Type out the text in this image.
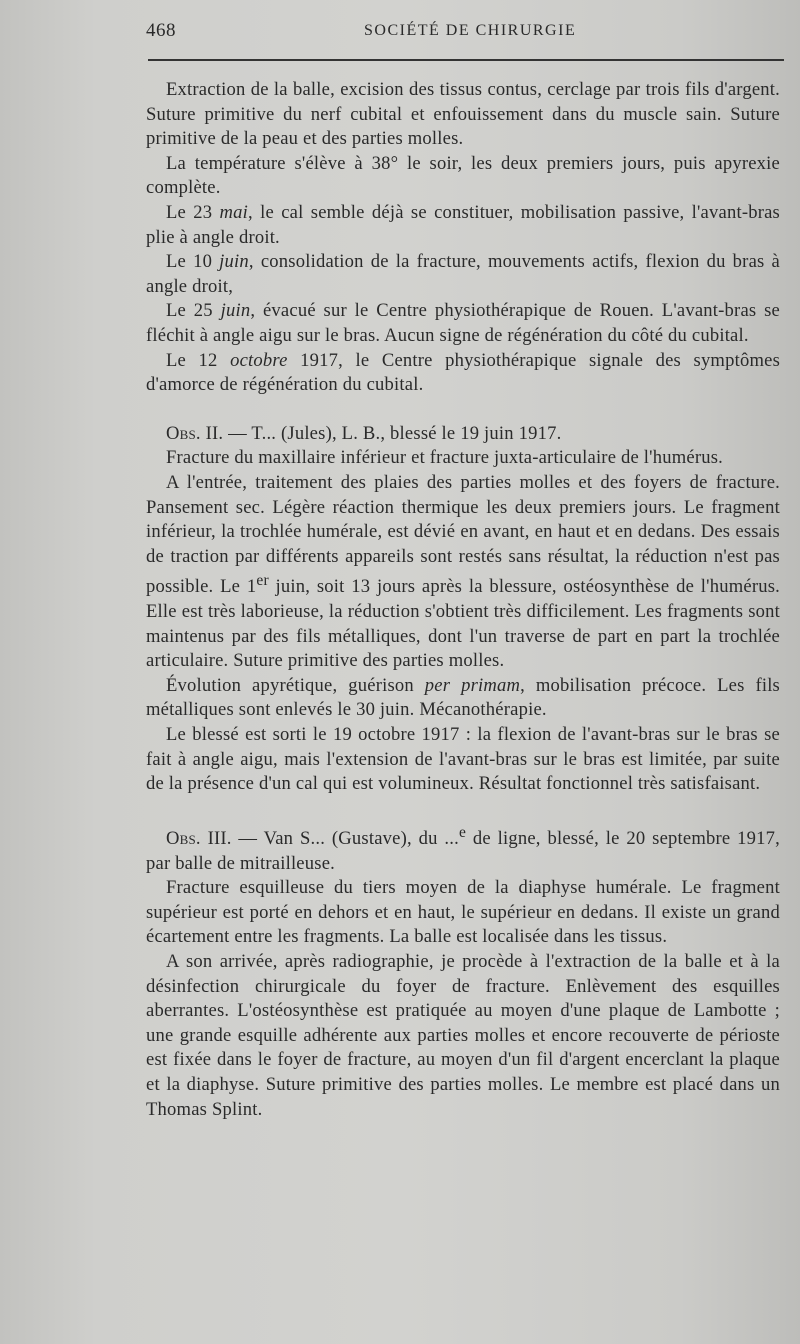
468	SOCIÉTÉ DE CHIRURGIE

Extraction de la balle, excision des tissus contus, cerclage par trois fils d'argent. Suture primitive du nerf cubital et enfouissement dans du muscle sain. Suture primitive de la peau et des parties molles.

La température s'élève à 38° le soir, les deux premiers jours, puis apyrexie complète.

Le 23 mai, le cal semble déjà se constituer, mobilisation passive, l'avant-bras plie à angle droit.

Le 10 juin, consolidation de la fracture, mouvements actifs, flexion du bras à angle droit,

Le 25 juin, évacué sur le Centre physiothérapique de Rouen. L'avant-bras se fléchit à angle aigu sur le bras. Aucun signe de régénération du côté du cubital.

Le 12 octobre 1917, le Centre physiothérapique signale des symptômes d'amorce de régénération du cubital.

Obs. II. — T... (Jules), L. B., blessé le 19 juin 1917.

Fracture du maxillaire inférieur et fracture juxta-articulaire de l'humérus.

A l'entrée, traitement des plaies des parties molles et des foyers de fracture. Pansement sec. Légère réaction thermique les deux premiers jours. Le fragment inférieur, la trochlée humérale, est dévié en avant, en haut et en dedans. Des essais de traction par différents appareils sont restés sans résultat, la réduction n'est pas possible. Le 1er juin, soit 13 jours après la blessure, ostéosynthèse de l'humérus. Elle est très laborieuse, la réduction s'obtient très difficilement. Les fragments sont maintenus par des fils métalliques, dont l'un traverse de part en part la trochlée articulaire. Suture primitive des parties molles.

Évolution apyrétique, guérison per primam, mobilisation précoce. Les fils métalliques sont enlevés le 30 juin. Mécanothérapie.

Le blessé est sorti le 19 octobre 1917 : la flexion de l'avant-bras sur le bras se fait à angle aigu, mais l'extension de l'avant-bras sur le bras est limitée, par suite de la présence d'un cal qui est volumineux. Résultat fonctionnel très satisfaisant.

Obs. III. — Van S... (Gustave), du ...$^e$ de ligne, blessé, le 20 septembre 1917, par balle de mitrailleuse.

Fracture esquilleuse du tiers moyen de la diaphyse humérale. Le fragment supérieur est porté en dehors et en haut, le supérieur en dedans. Il existe un grand écartement entre les fragments. La balle est localisée dans les tissus.

A son arrivée, après radiographie, je procède à l'extraction de la balle et à la désinfection chirurgicale du foyer de fracture. Enlèvement des esquilles aberrantes. L'ostéosynthèse est pratiquée au moyen d'une plaque de Lambotte ; une grande esquille adhérente aux parties molles et encore recouverte de périoste est fixée dans le foyer de fracture, au moyen d'un fil d'argent encerclant la plaque et la diaphyse. Suture primitive des parties molles. Le membre est placé dans un Thomas Splint.
